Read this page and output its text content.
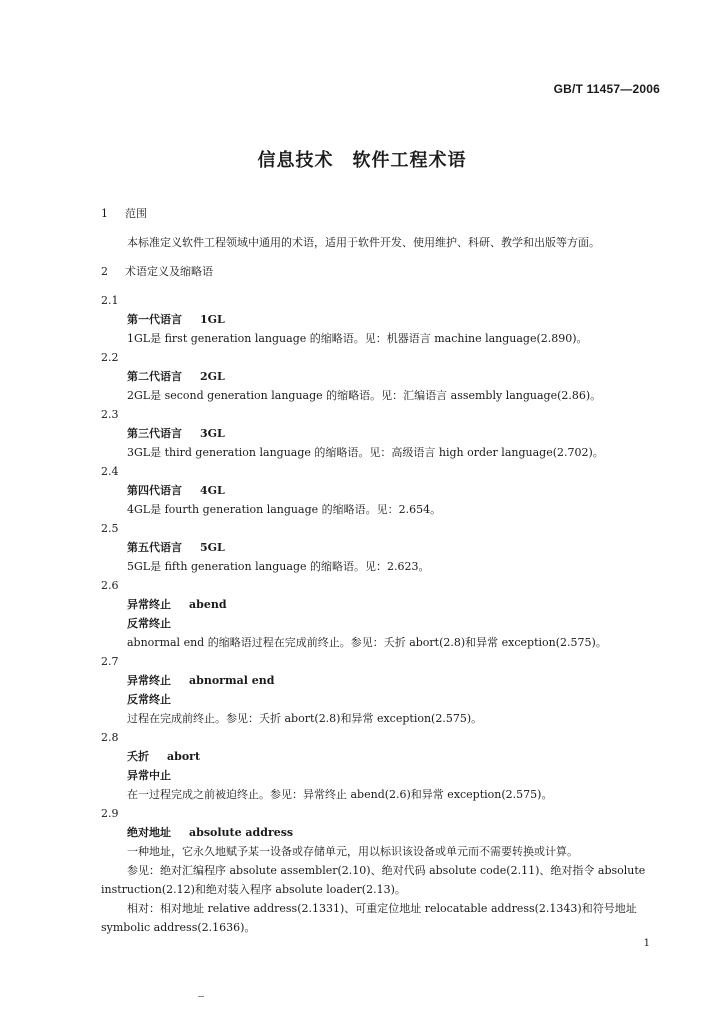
GB/T 11457—2006
信息技术　软件工程术语
1 范围
本标准定义软件工程领域中通用的术语，适用于软件开发、使用维护、科研、教学和出版等方面。
2 术语定义及缩略语
2.1
第一代语言 1GL
1GL是 first generation language 的缩略语。见：机器语言 machine language(2.890)。
2.2
第二代语言 2GL
2GL是 second generation language 的缩略语。见：汇编语言 assembly language(2.86)。
2.3
第三代语言 3GL
3GL是 third generation language 的缩略语。见：高级语言 high order language(2.702)。
2.4
第四代语言 4GL
4GL是 fourth generation language 的缩略语。见：2.654。
2.5
第五代语言 5GL
5GL是 fifth generation language 的缩略语。见：2.623。
2.6
异常终止 abend
反常终止
abnormal end 的缩略语过程在完成前终止。参见：夭折 abort(2.8)和异常 exception(2.575)。
2.7
异常终止 abnormal end
反常终止
过程在完成前终止。参见：夭折 abort(2.8)和异常 exception(2.575)。
2.8
夭折 abort
异常中止
在一过程完成之前被迫终止。参见：异常终止 abend(2.6)和异常 exception(2.575)。
2.9
绝对地址 absolute address
一种地址，它永久地赋予某一设备或存储单元，用以标识该设备或单元而不需要转换或计算。
参见：绝对汇编程序 absolute assembler(2.10)、绝对代码 absolute code(2.11)、绝对指令 absolute
instruction(2.12)和绝对装入程序 absolute loader(2.13)。
相对：相对地址 relative address(2.1331)、可重定位地址 relocatable address(2.1343)和符号地址
symbolic address(2.1636)。
1
